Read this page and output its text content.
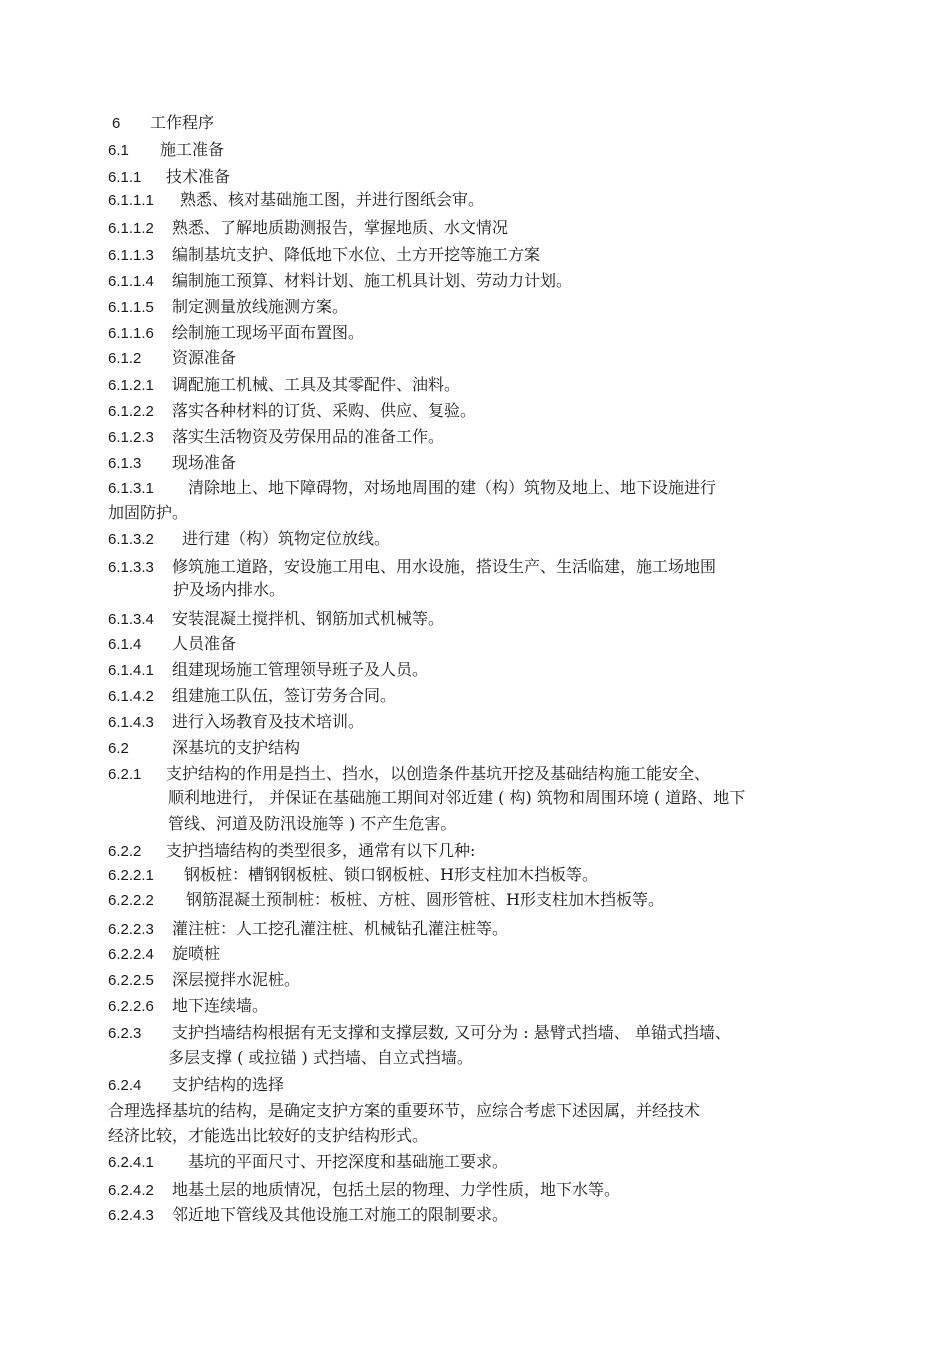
6 工作程序
6.1 施工准备
6.1.1 技术准备
6.1.1.1 熟悉、核对基础施工图，并进行图纸会审。
6.1.1.2 熟悉、了解地质勘测报告，掌握地质、水文情况
6.1.1.3 编制基坑支护、降低地下水位、土方开挖等施工方案
6.1.1.4 编制施工预算、材料计划、施工机具计划、劳动力计划。
6.1.1.5 制定测量放线施测方案。
6.1.1.6 绘制施工现场平面布置图。
6.1.2 资源准备
6.1.2.1 调配施工机械、工具及其零配件、油料。
6.1.2.2 落实各种材料的订货、采购、供应、复验。
6.1.2.3 落实生活物资及劳保用品的准备工作。
6.1.3 现场准备
6.1.3.1 清除地上、地下障碍物，对场地周围的建（构）筑物及地上、地下设施进行
加固防护。
6.1.3.2 进行建（构）筑物定位放线。
6.1.3.3 修筑施工道路，安设施工用电、用水设施，搭设生产、生活临建，施工场地围
护及场内排水。
6.1.3.4 安装混凝土搅拌机、钢筋加式机械等。
6.1.4 人员准备
6.1.4.1 组建现场施工管理领导班子及人员。
6.1.4.2 组建施工队伍，签订劳务合同。
6.1.4.3 进行入场教育及技术培训。
6.2	深基坑的支护结构
6.2.1 支护结构的作用是挡土、挡水，以创造条件基坑开挖及基础结构施工能安全、
顺利地进行， 并保证在基础施工期间对邻近建 ( 构) 筑物和周围环境 ( 道路、地下
管线、河道及防汛设施等 ) 不产生危害。
6.2.2 支护挡墙结构的类型很多，通常有以下几种:
6.2.2.1 钢板桩：槽钢钢板桩、锁口钢板桩、H形支柱加木挡板等。
6.2.2.2 钢筋混凝土预制桩：板桩、方桩、圆形管桩、H形支柱加木挡板等。
6.2.2.3 灌注桩：人工挖孔灌注桩、机械钻孔灌注桩等。
6.2.2.4 旋喷桩
6.2.2.5 深层搅拌水泥桩。
6.2.2.6 地下连续墙。
6.2.3 支护挡墙结构根据有无支撑和支撑层数, 又可分为 : 悬臂式挡墙、 单锚式挡墙、
多层支撑 ( 或拉锚 ) 式挡墙、自立式挡墙。
6.2.4 支护结构的选择
合理选择基坑的结构，是确定支护方案的重要环节，应综合考虑下述因属，并经技术
经济比较，才能选出比较好的支护结构形式。
6.2.4.1 基坑的平面尺寸、开挖深度和基础施工要求。
6.2.4.2 地基土层的地质情况，包括土层的物理、力学性质，地下水等。
6.2.4.3 邻近地下管线及其他设施工对施工的限制要求。
